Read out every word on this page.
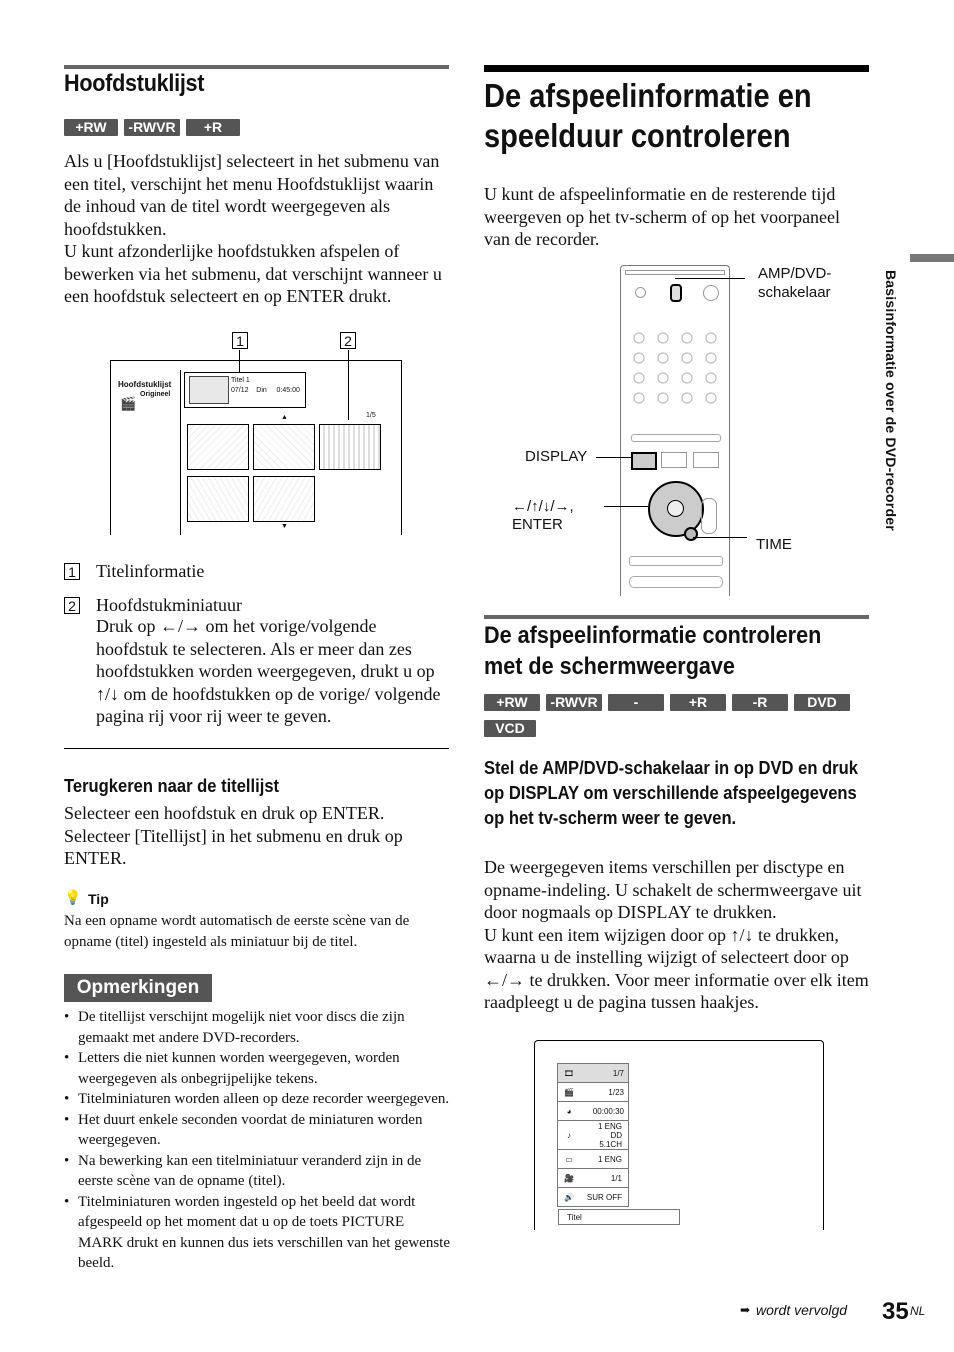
Hoofdstuklijst
+RW -RWVR +R
Als u [Hoofdstuklijst] selecteert in het submenu van een titel, verschijnt het menu Hoofdstuklijst waarin de inhoud van de titel wordt weergegeven als hoofdstukken.
U kunt afzonderlijke hoofdstukken afspelen of bewerken via het submenu, dat verschijnt wanneer u een hoofdstuk selecteert en op ENTER drukt.
1	2
Hoofdstuklijst
Origineel
🎬
Titel 1
07/12    Din     0:45:00
▲	1/5
▼
1 Titelinformatie
2 Hoofdstukminiatuur
Druk op ←/→ om het vorige/volgende hoofdstuk te selecteren. Als er meer dan zes hoofdstukken worden weergegeven, drukt u op ↑/↓ om de hoofdstukken op de vorige/ volgende pagina rij voor rij weer te geven.
Terugkeren naar de titellijst
Selecteer een hoofdstuk en druk op ENTER.
Selecteer [Titellijst] in het submenu en druk op ENTER.
💡 Tip
Na een opname wordt automatisch de eerste scène van de opname (titel) ingesteld als miniatuur bij de titel.
Opmerkingen
• De titellijst verschijnt mogelijk niet voor discs die zijn gemaakt met andere DVD-recorders.
• Letters die niet kunnen worden weergegeven, worden weergegeven als onbegrijpelijke tekens.
• Titelminiaturen worden alleen op deze recorder weergegeven.
• Het duurt enkele seconden voordat de miniaturen worden weergegeven.
• Na bewerking kan een titelminiatuur veranderd zijn in de eerste scène van de opname (titel).
• Titelminiaturen worden ingesteld op het beeld dat wordt afgespeeld op het moment dat u op de toets PICTURE MARK drukt en kunnen dus iets verschillen van het gewenste beeld.
De afspeelinformatie en
speelduur controleren
U kunt de afspeelinformatie en de resterende tijd weergeven op het tv-scherm of op het voorpaneel van de recorder.
AMP/DVD-
schakelaar
DISPLAY
←/↑/↓/→,
ENTER
TIME
De afspeelinformatie controleren
met de schermweergave
+RW -RWVR	-RWVideo+R	-R	DVD
VCD
Stel de AMP/DVD-schakelaar in op DVD en druk op DISPLAY om verschillende afspeelgegevens op het tv-scherm weer te geven.
De weergegeven items verschillen per disctype en opname-indeling. U schakelt de schermweergave uit door nogmaals op DISPLAY te drukken.
U kunt een item wijzigen door op ↑/↓ te drukken, waarna u de instelling wijzigt of selecteert door op ←/→ te drukken. Voor meer informatie over elk item raadpleegt u de pagina tussen haakjes.
🎞	1/7
🎬	1/23
◕	00:00:30
♪
1 ENG
DD
5.1CH
▭	1 ENG
🎥	1/1
🔊	SUR OFF
Titel
Basisinformatie over de DVD-recorder
➡ wordt vervolgd 35 NL
